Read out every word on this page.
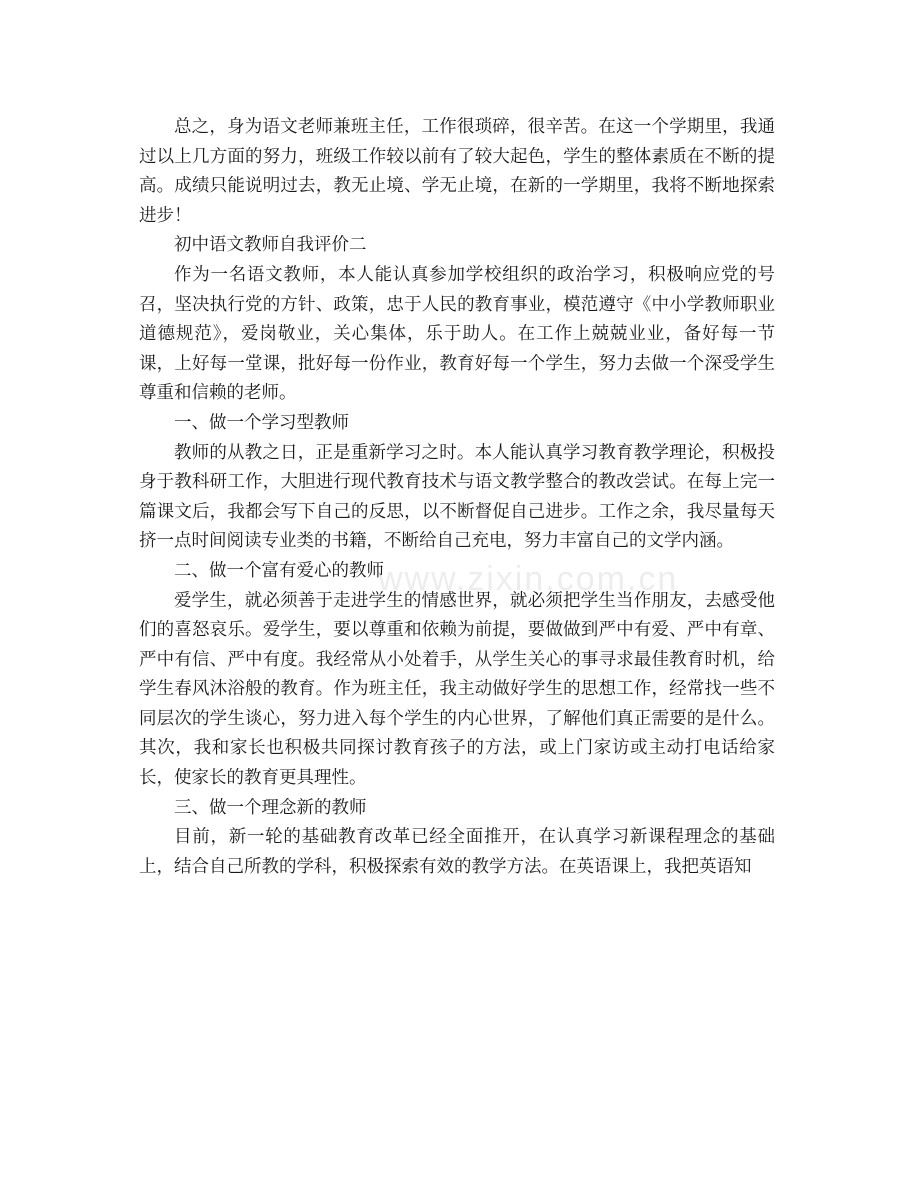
www.zixin.com.cn

总之，身为语文老师兼班主任，工作很琐碎，很辛苦。在这一个学期里，我通过以上几方面的努力，班级工作较以前有了较大起色，学生的整体素质在不断的提高。成绩只能说明过去，教无止境、学无止境，在新的一学期里，我将不断地探索进步！

初中语文教师自我评价二

作为一名语文教师，本人能认真参加学校组织的政治学习，积极响应党的号召，坚决执行党的方针、政策，忠于人民的教育事业，模范遵守《中小学教师职业道德规范》，爱岗敬业，关心集体，乐于助人。在工作上兢兢业业，备好每一节课，上好每一堂课，批好每一份作业，教育好每一个学生，努力去做一个深受学生尊重和信赖的老师。

一、做一个学习型教师

教师的从教之日，正是重新学习之时。本人能认真学习教育教学理论，积极投身于教科研工作，大胆进行现代教育技术与语文教学整合的教改尝试。在每上完一篇课文后，我都会写下自己的反思，以不断督促自己进步。工作之余，我尽量每天挤一点时间阅读专业类的书籍，不断给自己充电，努力丰富自己的文学内涵。

二、做一个富有爱心的教师

爱学生，就必须善于走进学生的情感世界，就必须把学生当作朋友，去感受他们的喜怒哀乐。爱学生，要以尊重和依赖为前提，要做做到严中有爱、严中有章、严中有信、严中有度。我经常从小处着手，从学生关心的事寻求最佳教育时机，给学生春风沐浴般的教育。作为班主任，我主动做好学生的思想工作，经常找一些不同层次的学生谈心，努力进入每个学生的内心世界，了解他们真正需要的是什么。其次，我和家长也积极共同探讨教育孩子的方法，或上门家访或主动打电话给家长，使家长的教育更具理性。

三、做一个理念新的教师

目前，新一轮的基础教育改革已经全面推开，在认真学习新课程理念的基础上，结合自己所教的学科，积极探索有效的教学方法。在英语课上，我把英语知
